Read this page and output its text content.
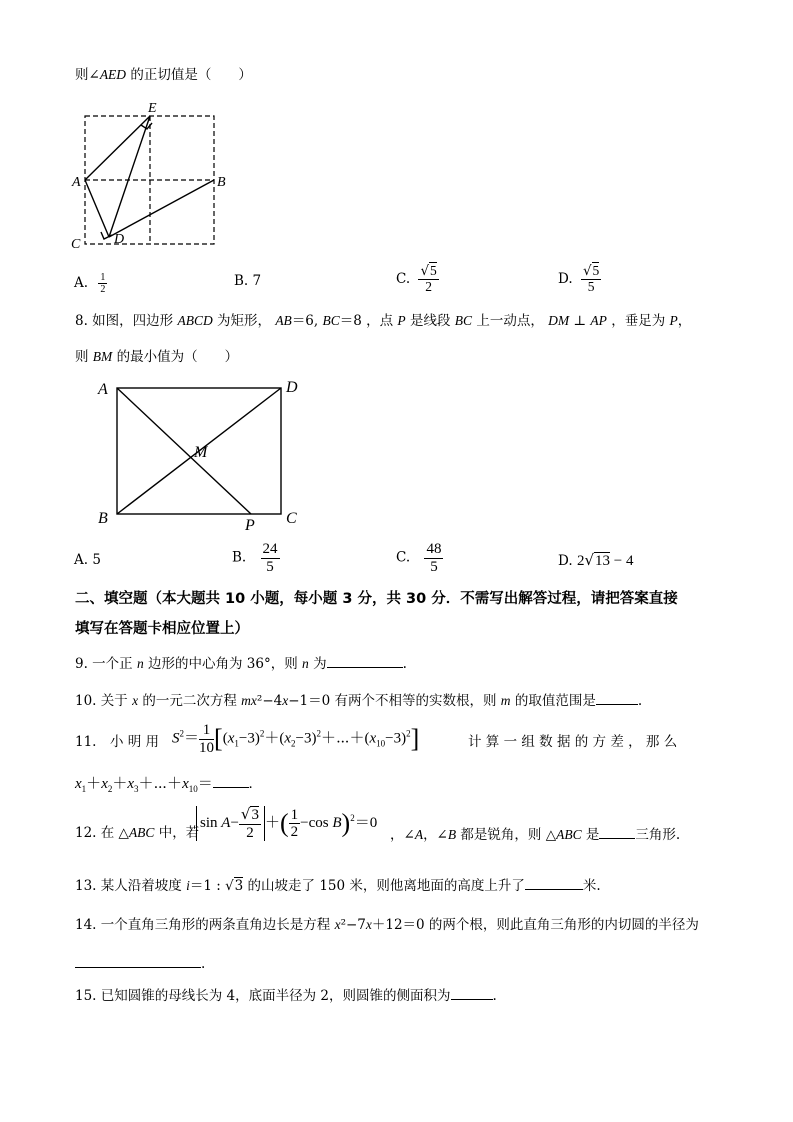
则∠AED 的正切值是（　　）
E
A	B
C D
A. $\frac{1}{2}$	B. 7	C. $\frac{√5}{2}$	D. $\frac{√5}{5}$
8. 如图，四边形 ABCD 为矩形， AB＝6, BC＝8 ，点 P 是线段 BC 上一动点， DM ⊥ AP ，垂足为 P，
则 BM 的最小值为（　　）
A	D
M
B	P C
A. 5	B. $\frac{24}{5}$	C. $\frac{48}{5}$	D. 2√13 − 4
二、填空题（本大题共 10 小题，每小题 3 分，共 30 分．不需写出解答过程，请把答案直接
填写在答题卡相应位置上）
9. 一个正 n 边形的中心角为 36°，则 n 为	.
10. 关于 x 的一元二次方程 mx²−4x−1＝0 有两个不相等的实数根，则 m 的取值范围是	.
11.　小 明 用 $S^2= \frac{1}{10}$ $[(x_1-3)^2+(x_2-3)^2+\cdots+(x_{10}-3)^2]$	计 算 一 组 数 据 的 方 差 ， 那 么
$x_1+x_2+x_3+\cdots+x_{10}=$ .
12. 在 △ABC 中，若
$\sin A- \frac{√3}{2}$ ＋( $\frac{1}{2} -\cos$ B)$^2$＝0
，∠A，∠B 都是锐角，则 △ABC 是	三角形.
13. 某人沿着坡度 i＝1 : √3 的山坡走了 150 米，则他离地面的高度上升了	米.
14. 一个直角三角形的两条直角边长是方程 x²−7x＋12＝0 的两个根，则此直角三角形的内切圆的半径为
.
15. 已知圆锥的母线长为 4，底面半径为 2，则圆锥的侧面积为	.
